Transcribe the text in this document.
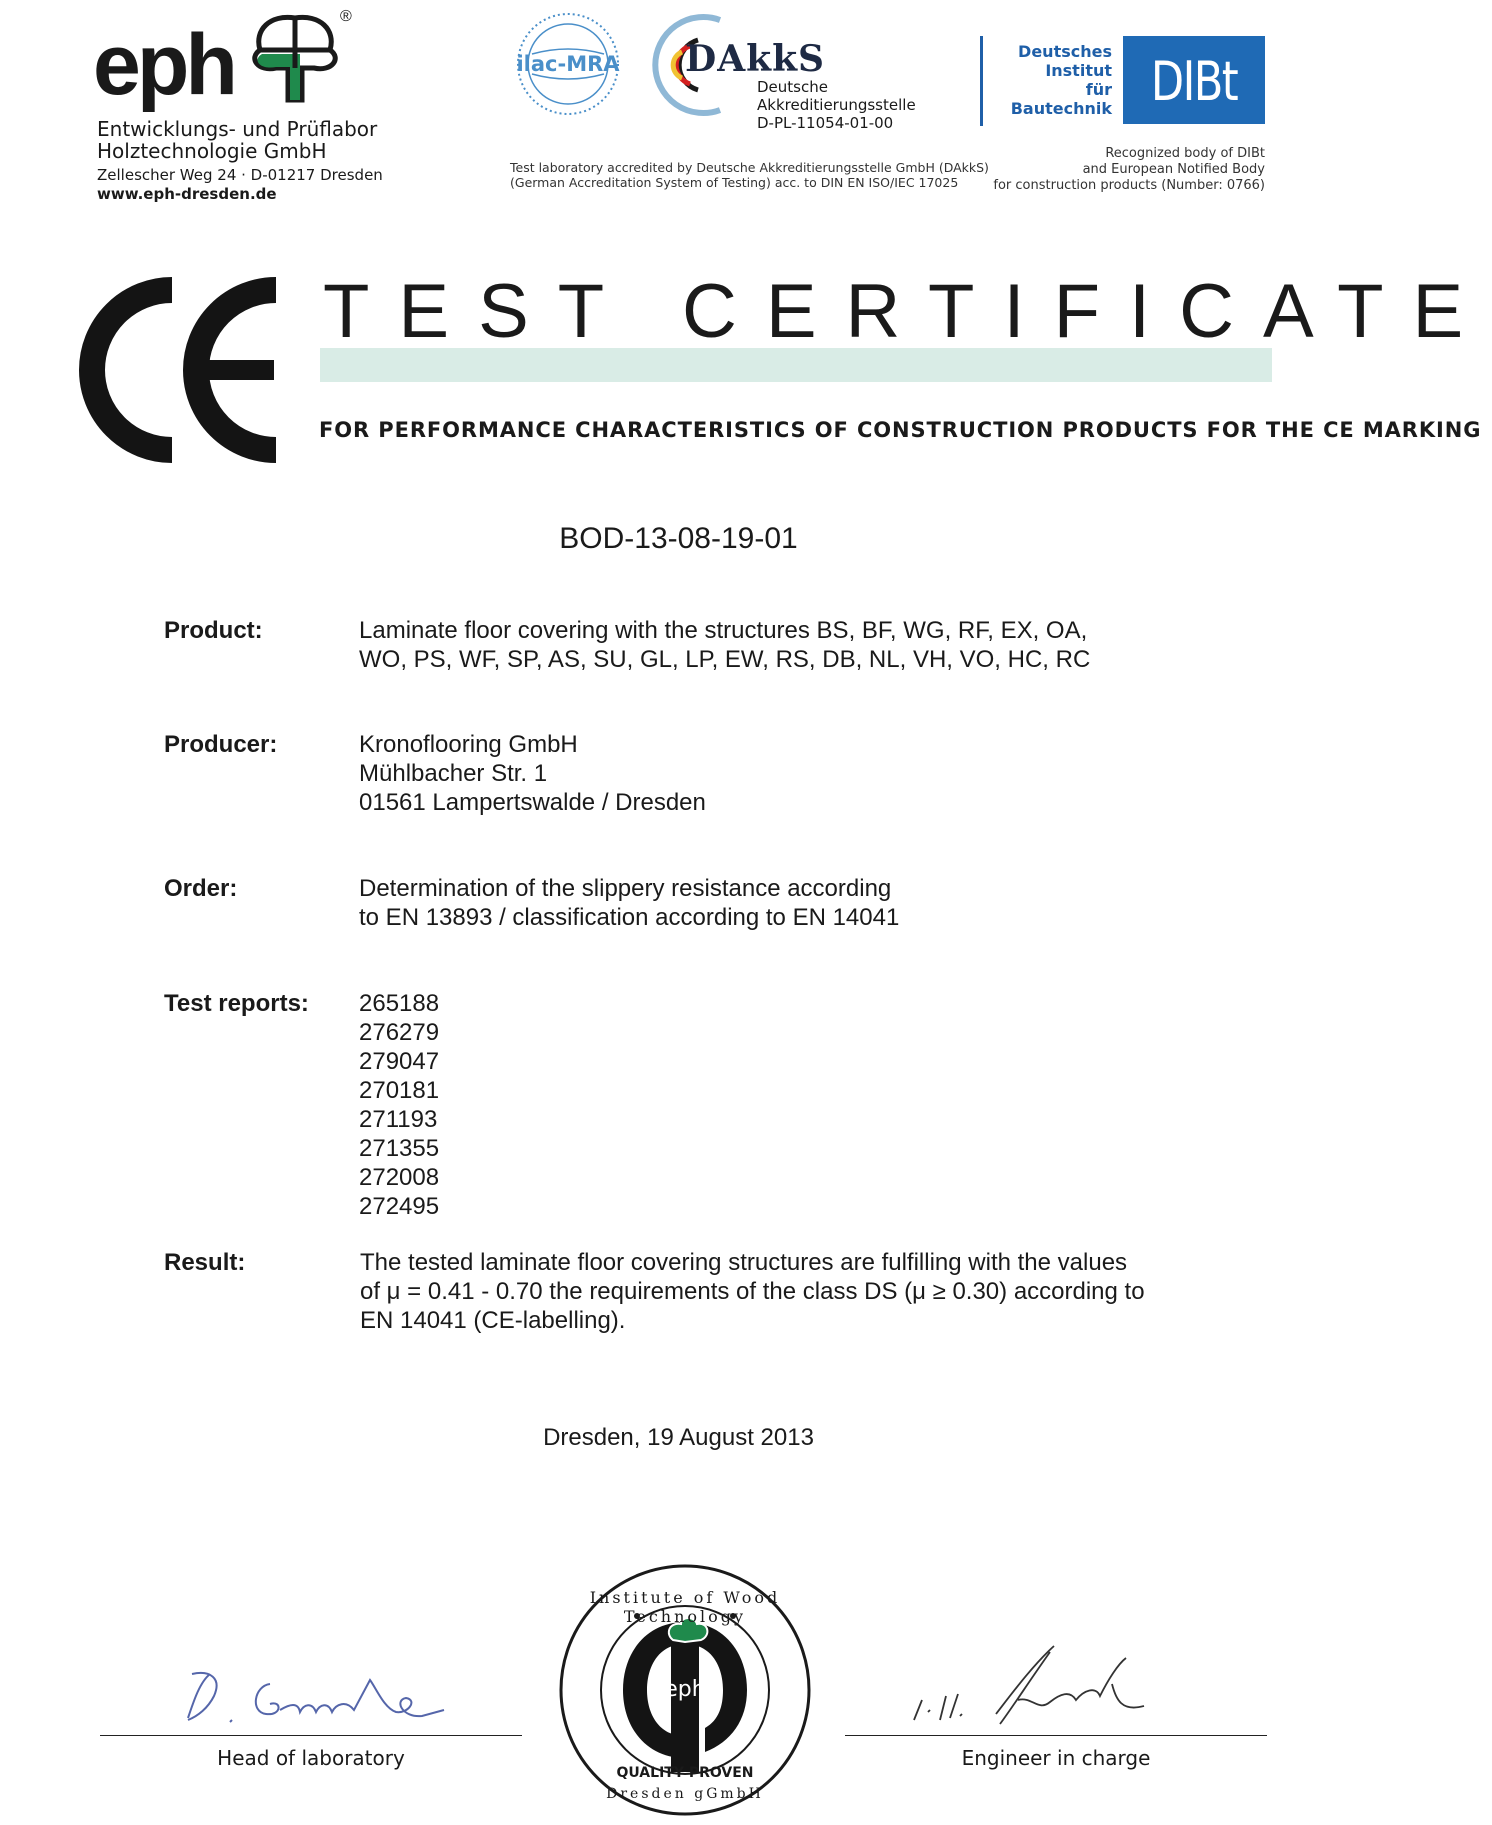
eph
®
Entwicklungs- und Prüflabor
Holztechnologie GmbH
Zellescher Weg 24 · D-01217 Dresden
www.eph-dresden.de
ilac-MRA DAkkS
Deutsche
Akkreditierungsstelle
D-PL-11054-01-00
Test laboratory accredited by Deutsche Akkreditierungsstelle GmbH (DAkkS)
(German Accreditation System of Testing) acc. to DIN EN ISO/IEC 17025
Deutsches
Institut
für
Bautechnik DIBt
Recognized body of DIBt
and European Notified Body
for construction products (Number: 0766)
TEST CERTIFICATE
FOR PERFORMANCE CHARACTERISTICS OF CONSTRUCTION PRODUCTS FOR THE CE MARKING
BOD-13-08-19-01
Product:	Laminate floor covering with the structures BS, BF, WG, RF, EX, OA,
WO, PS, WF, SP, AS, SU, GL, LP, EW, RS, DB, NL, VH, VO, HC, RC
Producer:	Kronoflooring GmbH
Mühlbacher Str. 1
01561 Lampertswalde / Dresden
Order:	Determination of the slippery resistance according
to EN 13893 / classification according to EN 14041
Test reports: 265188
276279
279047
270181
271193
271355
272008
272495
Result:	The tested laminate floor covering structures are fulfilling with the values
of μ = 0.41 - 0.70 the requirements of the class DS (μ ≥ 0.30) according to
EN 14041 (CE-labelling).
Dresden, 19 August 2013
Head of laboratory	Engineer in charge
eph
Institute of Wood Technology
QUALITY PROVEN
Dresden gGmbH
